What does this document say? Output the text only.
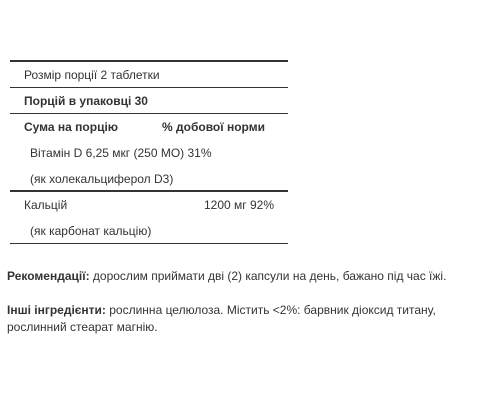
Розмір порції 2 таблетки
Порцій в упаковці 30
Сума на порцію	% добової норми
Вітамін D 6,25 мкг (250 МО) 31%
(як холекальциферол D3)
Кальцій	1200 мг 92%
(як карбонат кальцію)
Рекомендації: дорослим приймати дві (2) капсули на день, бажано під час їжі.
Інші інгредієнти: рослинна целюлоза. Містить <2%: барвник діоксид титану, рослинний стеарат магнію.
